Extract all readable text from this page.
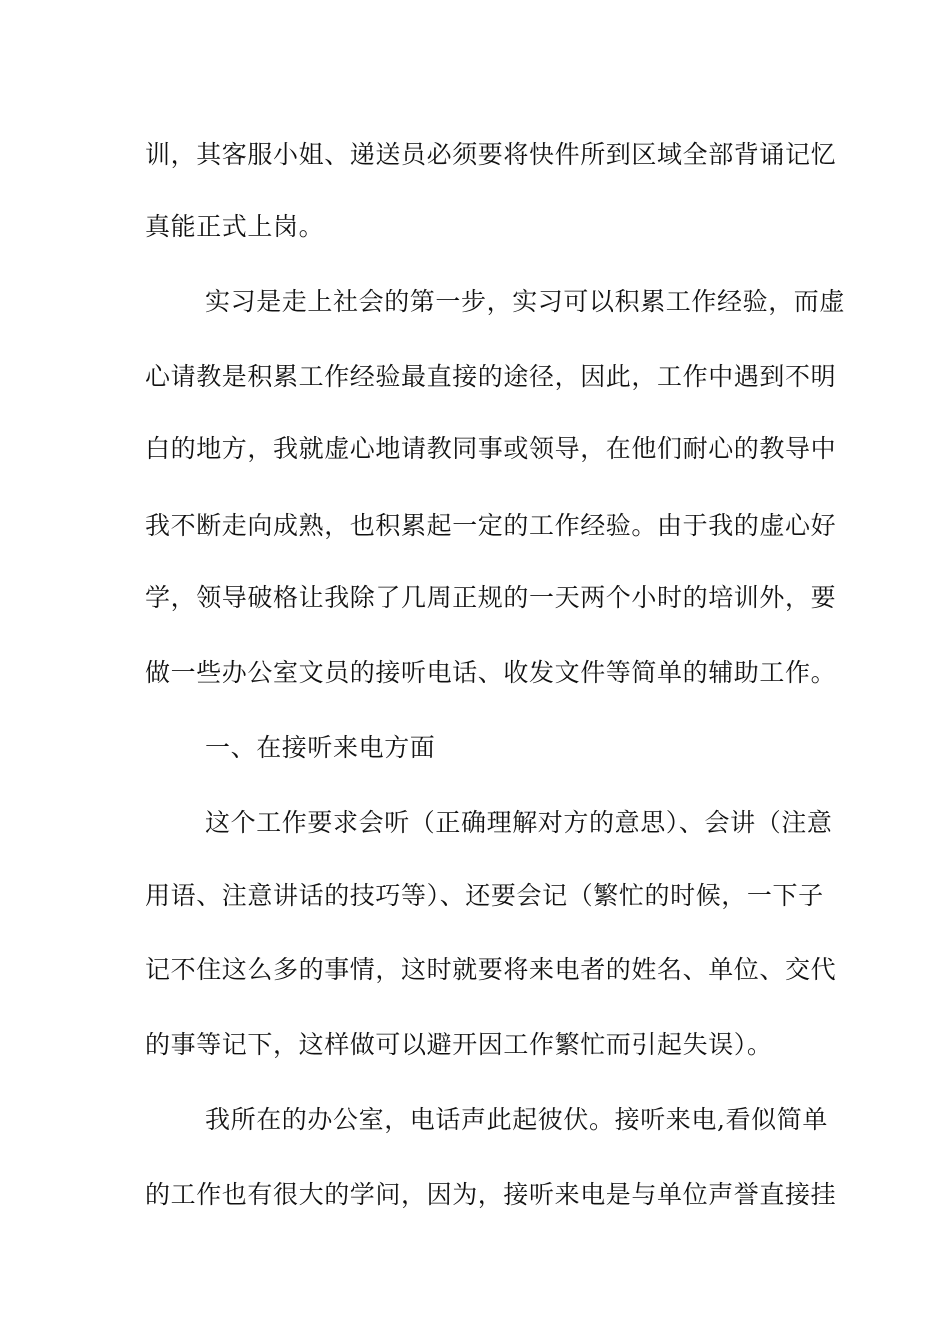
训，其客服小姐、递送员必须要将快件所到区域全部背诵记忆

真能正式上岗。

实习是走上社会的第一步，实习可以积累工作经验，而虚

心请教是积累工作经验最直接的途径，因此，工作中遇到不明

白的地方，我就虚心地请教同事或领导，在他们耐心的教导中

我不断走向成熟，也积累起一定的工作经验。由于我的虚心好

学，领导破格让我除了几周正规的一天两个小时的培训外，要

做一些办公室文员的接听电话、收发文件等简单的辅助工作。

一、在接听来电方面

这个工作要求会听（正确理解对方的意思）、会讲（注意

用语、注意讲话的技巧等）、还要会记（繁忙的时候，一下子

记不住这么多的事情，这时就要将来电者的姓名、单位、交代

的事等记下，这样做可以避开因工作繁忙而引起失误）。

我所在的办公室，电话声此起彼伏。接听来电,看似简单

的工作也有很大的学问，因为，接听来电是与单位声誉直接挂
